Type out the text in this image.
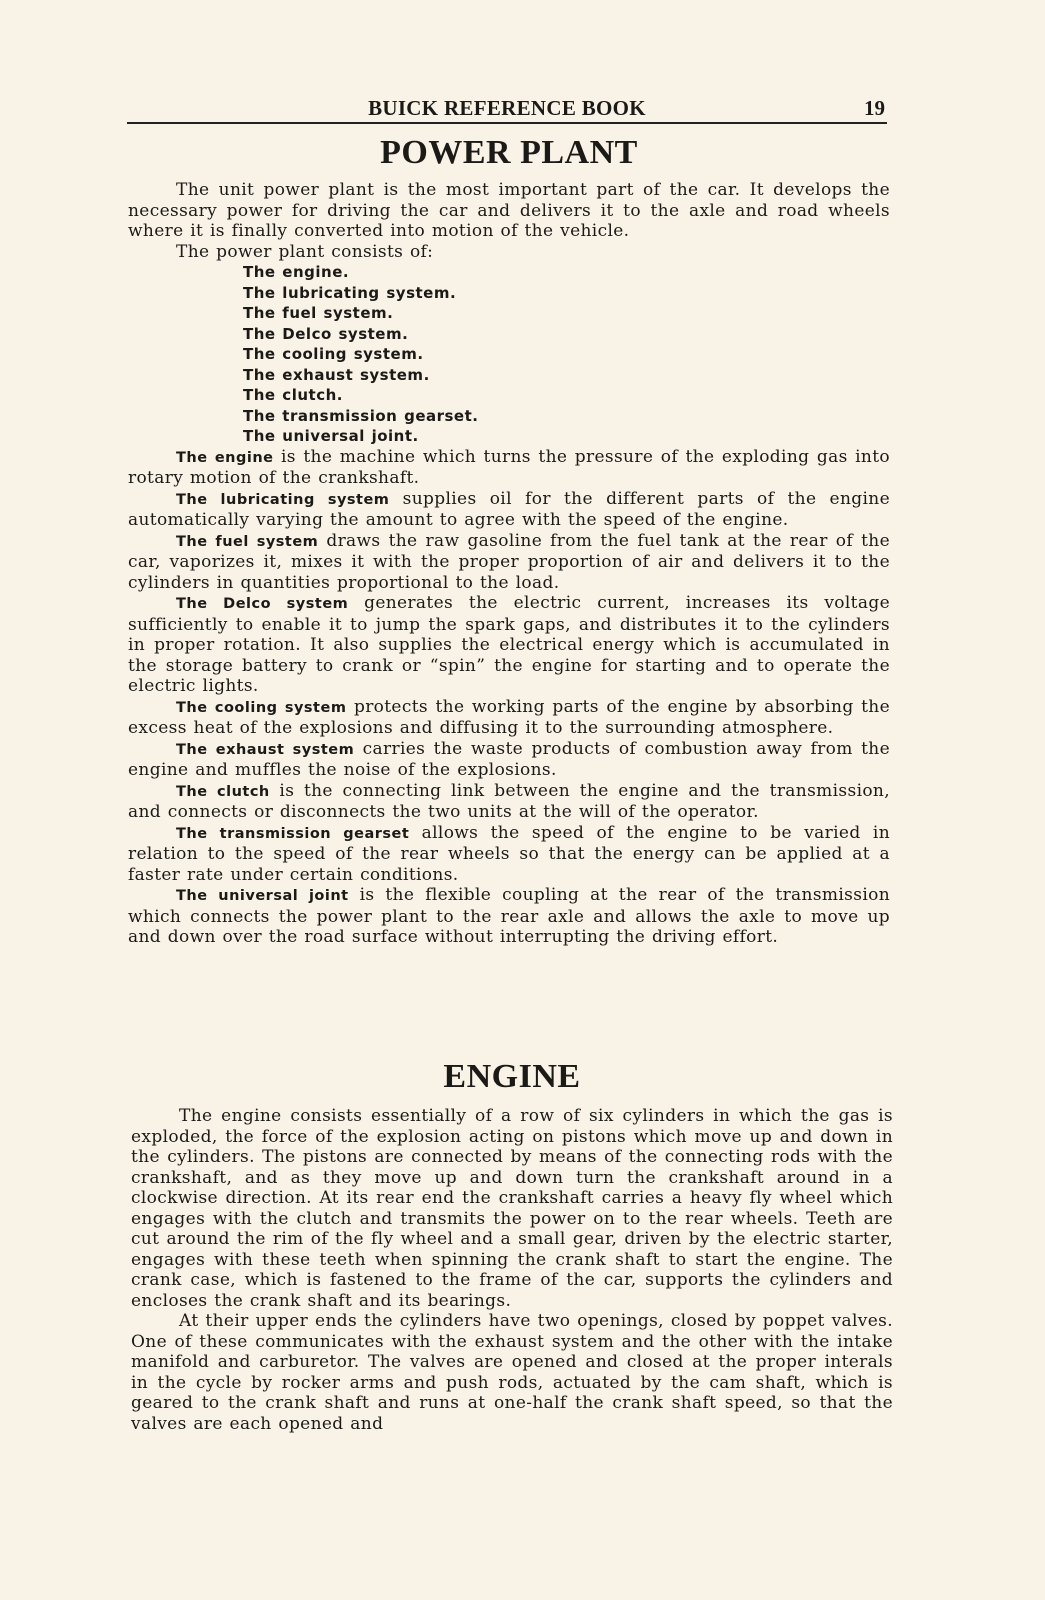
BUICK REFERENCE BOOK	19
POWER PLANT

The unit power plant is the most important part of the car. It develops the necessary power for driving the car and delivers it to the axle and road wheels where it is finally converted into motion of the vehicle.

The power plant consists of:

The engine.
The lubricating system.
The fuel system.
The Delco system.
The cooling system.
The exhaust system.
The clutch.
The transmission gearset.
The universal joint.

The engine is the machine which turns the pressure of the exploding gas into rotary motion of the crankshaft.

The lubricating system supplies oil for the different parts of the engine automatically varying the amount to agree with the speed of the engine.

The fuel system draws the raw gasoline from the fuel tank at the rear of the car, vaporizes it, mixes it with the proper proportion of air and delivers it to the cylinders in quantities proportional to the load.

The Delco system generates the electric current, increases its voltage sufficiently to enable it to jump the spark gaps, and distributes it to the cylinders in proper rotation. It also supplies the electrical energy which is accumulated in the storage battery to crank or “spin” the engine for starting and to operate the electric lights.

The cooling system protects the working parts of the engine by absorbing the excess heat of the explosions and diffusing it to the surrounding atmosphere.

The exhaust system carries the waste products of combustion away from the engine and muffles the noise of the explosions.

The clutch is the connecting link between the engine and the transmission, and connects or disconnects the two units at the will of the operator.

The transmission gearset allows the speed of the engine to be varied in relation to the speed of the rear wheels so that the energy can be applied at a faster rate under certain conditions.

The universal joint is the flexible coupling at the rear of the transmission which connects the power plant to the rear axle and allows the axle to move up and down over the road surface without interrupting the driving effort.

ENGINE

The engine consists essentially of a row of six cylinders in which the gas is exploded, the force of the explosion acting on pistons which move up and down in the cylinders. The pistons are connected by means of the connecting rods with the crankshaft, and as they move up and down turn the crankshaft around in a clockwise direction. At its rear end the crankshaft carries a heavy fly wheel which engages with the clutch and transmits the power on to the rear wheels. Teeth are cut around the rim of the fly wheel and a small gear, driven by the electric starter, engages with these teeth when spinning the crank shaft to start the engine. The crank case, which is fastened to the frame of the car, supports the cylinders and encloses the crank shaft and its bearings.

At their upper ends the cylinders have two openings, closed by poppet valves. One of these communicates with the exhaust system and the other with the intake manifold and carburetor. The valves are opened and closed at the proper interals in the cycle by rocker arms and push rods, actuated by the cam shaft, which is geared to the crank shaft and runs at one-half the crank shaft speed, so that the valves are each opened and
